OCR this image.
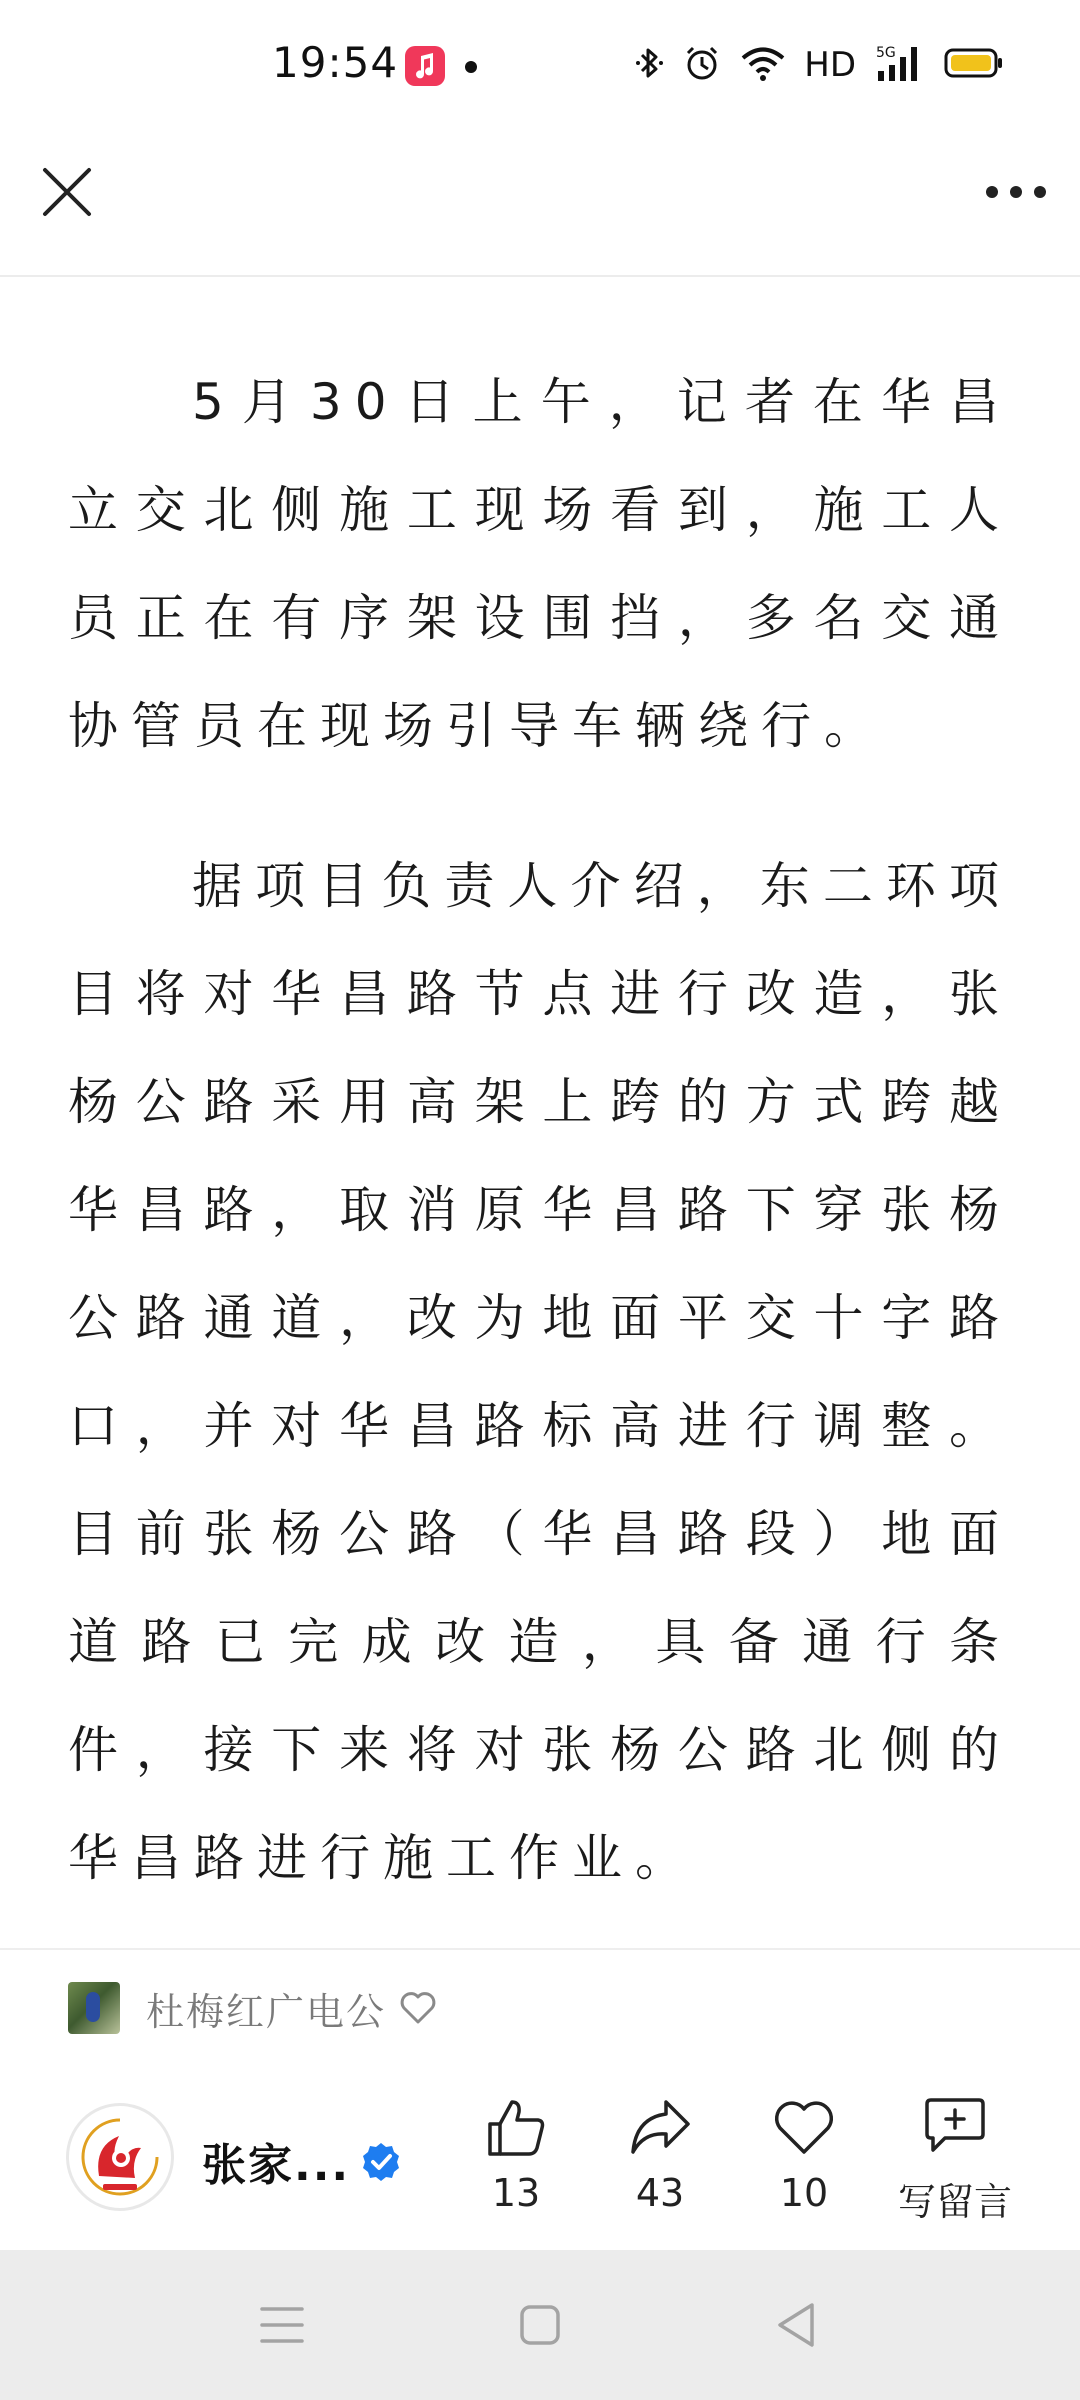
19:54	HD 5G

5月30日上午，记者在华昌立交北侧施工现场看到，施工人员正在有序架设围挡，多名交通协管员在现场引导车辆绕行。

据项目负责人介绍，东二环项目将对华昌路节点进行改造，张杨公路采用高架上跨的方式跨越华昌路，取消原华昌路下穿张杨公路通道，改为地面平交十字路口，并对华昌路标高进行调整。目前张杨公路（华昌路段）地面道路已完成改造，具备通行条件，接下来将对张杨公路北侧的华昌路进行施工作业。

杜梅红广电公
张家...
13	43	10 写留言
